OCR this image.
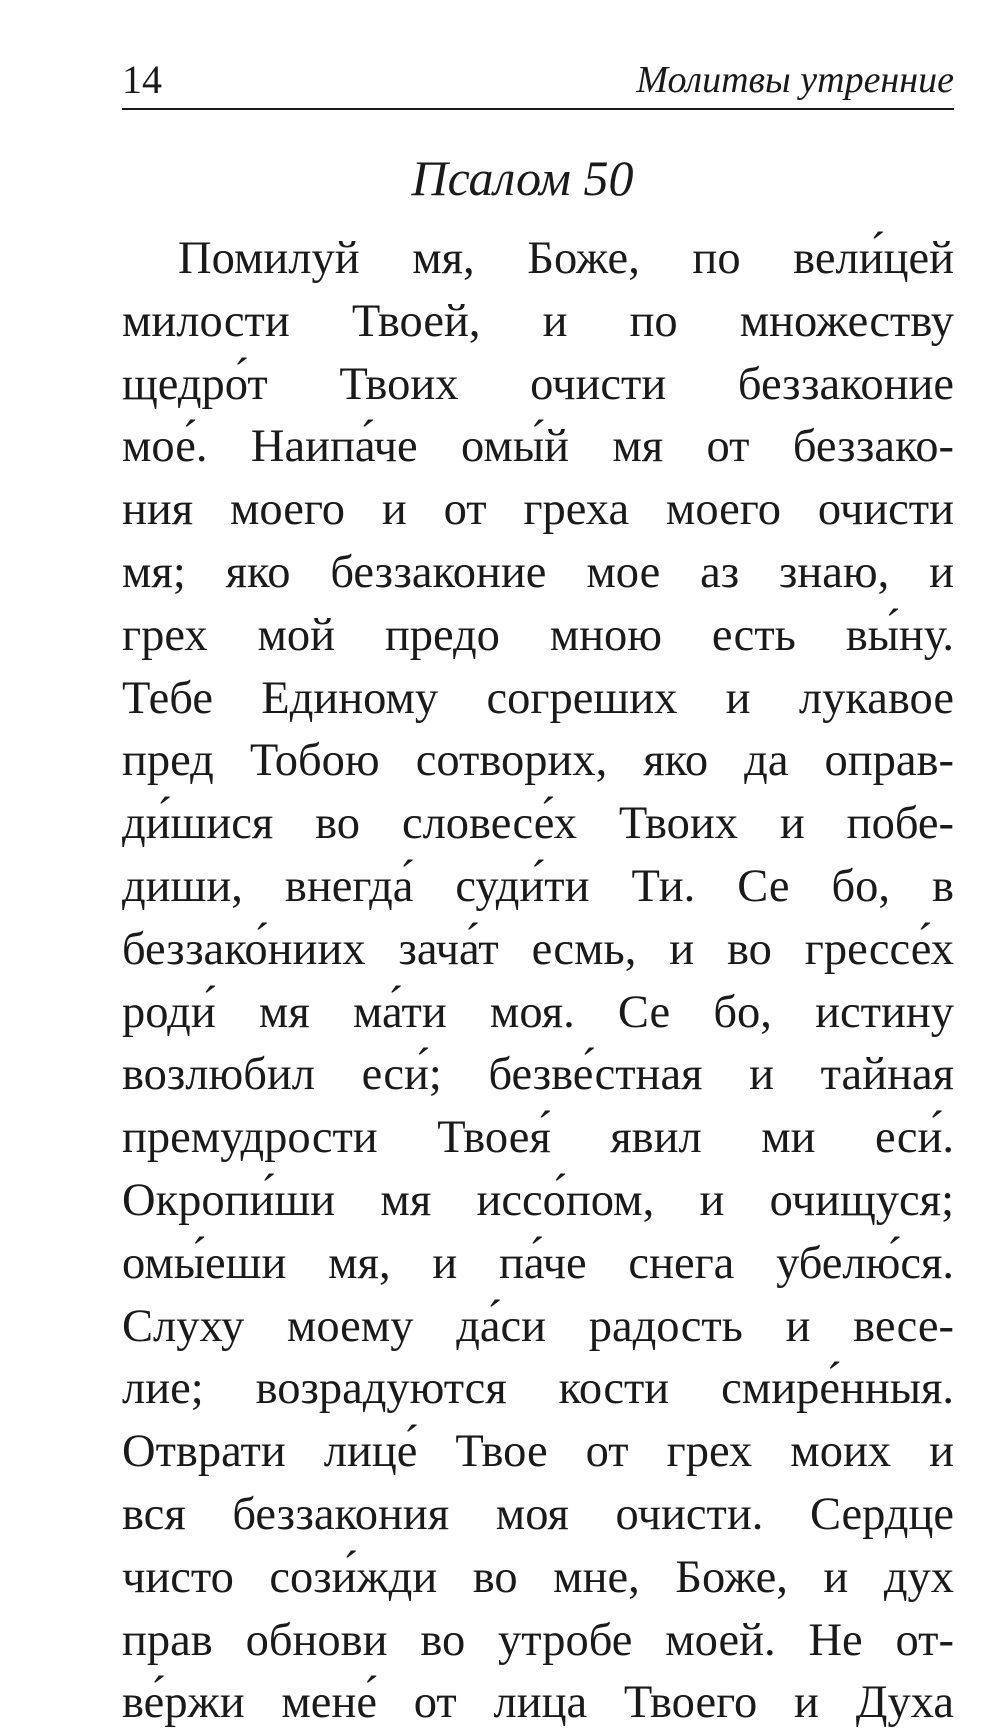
14	Молитвы утренние
Псалом 50
Помилуй мя, Боже, по вели́цей
милости Твоей, и по множеству
щедро́т Твоих очисти беззаконие
мое́. Наипа́че омы́й мя от беззако-
ния моего и от греха моего очисти
мя; яко беззаконие мое аз знаю, и
грех мой предо мною есть вы́ну.
Тебе Единому согреших и лукавое
пред Тобою сотворих, яко да оправ-
ди́шися во словесе́х Твоих и побе-
диши, внегда́ суди́ти Ти. Се бо, в
беззако́ниих зача́т есмь, и во грессе́х
роди́ мя ма́ти моя. Се бо, истину
возлюбил еси́; безве́стная и тайная
премудрости Твоея́ явил ми еси́.
Окропи́ши мя иссо́пом, и очищуся;
омы́еши мя, и па́че снега убелю́ся.
Слуху моему да́си радость и весе-
лие; возрадуются кости смире́нныя.
Отврати лице́ Твое от грех моих и
вся беззакония моя очисти. Сердце
чисто сози́жди во мне, Боже, и дух
прав обнови во утробе моей. Не от-
ве́ржи мене́ от лица Твоего и Духа
